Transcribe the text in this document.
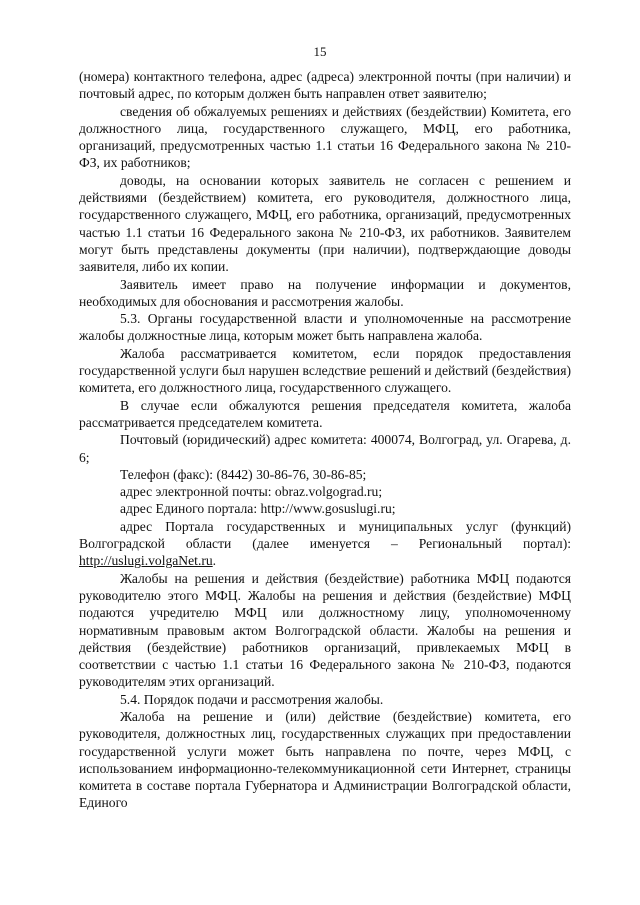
15

(номера) контактного телефона, адрес (адреса) электронной почты (при наличии) и почтовый адрес, по которым должен быть направлен ответ заявителю;

сведения об обжалуемых решениях и действиях (бездействии) Комитета, его должностного лица, государственного служащего, МФЦ, его работника, организаций, предусмотренных частью 1.1 статьи 16 Федерального закона № 210-ФЗ, их работников;

доводы, на основании которых заявитель не согласен с решением и действиями (бездействием) комитета, его руководителя, должностного лица, государственного служащего, МФЦ, его работника, организаций, предусмотренных частью 1.1 статьи 16 Федерального закона № 210-ФЗ, их работников. Заявителем могут быть представлены документы (при наличии), подтверждающие доводы заявителя, либо их копии.

Заявитель имеет право на получение информации и документов, необходимых для обоснования и рассмотрения жалобы.

5.3. Органы государственной власти и уполномоченные на рассмотрение жалобы должностные лица, которым может быть направлена жалоба.

Жалоба рассматривается комитетом, если порядок предоставления государственной услуги был нарушен вследствие решений и действий (бездействия) комитета, его должностного лица, государственного служащего.

В случае если обжалуются решения председателя комитета, жалоба рассматривается председателем комитета.

Почтовый (юридический) адрес комитета: 400074, Волгоград, ул. Огарева, д. 6;

Телефон (факс): (8442) 30-86-76, 30-86-85;

адрес электронной почты: obraz.volgograd.ru;

адрес Единого портала: http://www.gosuslugi.ru;

адрес Портала государственных и муниципальных услуг (функций) Волгоградской области (далее именуется – Региональный портал): http://uslugi.volgaNet.ru.

Жалобы на решения и действия (бездействие) работника МФЦ подаются руководителю этого МФЦ. Жалобы на решения и действия (бездействие) МФЦ подаются учредителю МФЦ или должностному лицу, уполномоченному нормативным правовым актом Волгоградской области. Жалобы на решения и действия (бездействие) работников организаций, привлекаемых МФЦ в соответствии с частью 1.1 статьи 16 Федерального закона № 210-ФЗ, подаются руководителям этих организаций.

5.4. Порядок подачи и рассмотрения жалобы.

Жалоба на решение и (или) действие (бездействие) комитета, его руководителя, должностных лиц, государственных служащих при предоставлении государственной услуги может быть направлена по почте, через МФЦ, с использованием информационно-телекоммуникационной сети Интернет, страницы комитета в составе портала Губернатора и Администрации Волгоградской области, Единого
